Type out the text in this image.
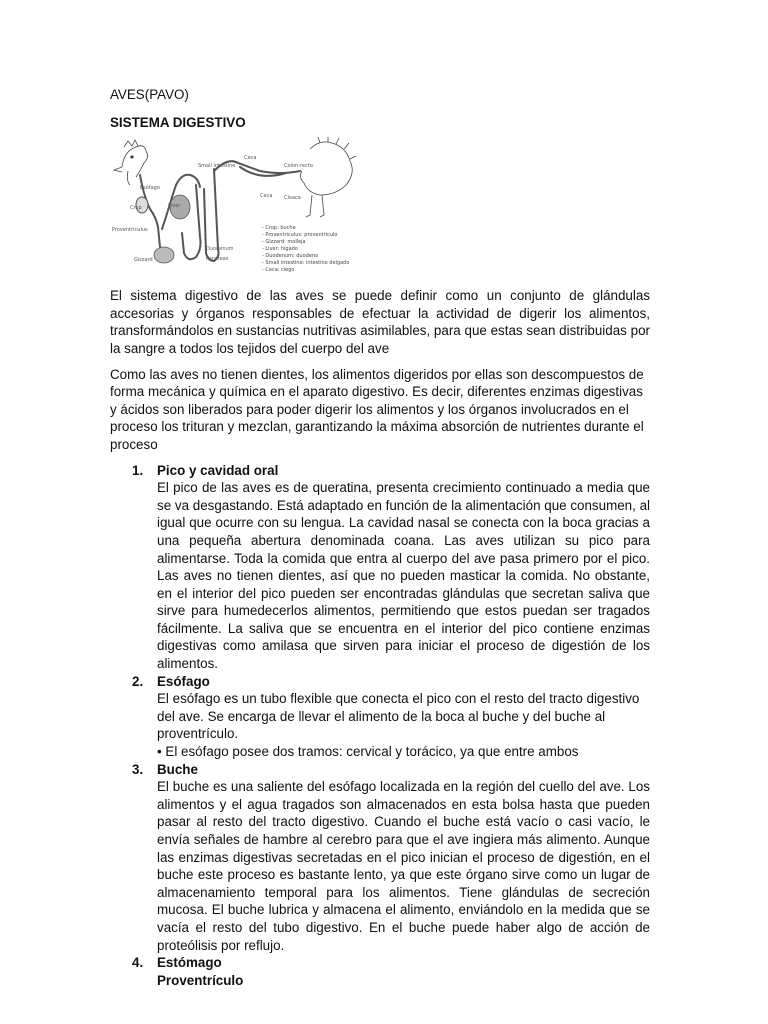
AVES(PAVO)
SISTEMA DIGESTIVO
Esófago
Crop	Liver
Proventriculus
Gizzard
Small intestine
Ceca
Colon-recto
Ceca Cloaca
Duodenum
Pancreas
- Crop: buche
- Proventriculus: proventrículo
- Gizzard: molleja
- Liver: hígado
- Duodenum: duodeno
- Small intestine: intestino delgado
- Ceca: ciego

El sistema digestivo de las aves se puede definir como un conjunto de glándulas accesorias y órganos responsables de efectuar la actividad de digerir los alimentos, transformándolos en sustancias nutritivas asimilables, para que estas sean distribuidas por la sangre a todos los tejidos del cuerpo del ave

Como las aves no tienen dientes, los alimentos digeridos por ellas son descompuestos de forma mecánica y química en el aparato digestivo. Es decir, diferentes enzimas digestivas y ácidos son liberados para poder digerir los alimentos y los órganos involucrados en el proceso los trituran y mezclan, garantizando la máxima absorción de nutrientes durante el proceso

1. Pico y cavidad oral

El pico de las aves es de queratina, presenta crecimiento continuado a media que se va desgastando. Está adaptado en función de la alimentación que consumen, al igual que ocurre con su lengua. La cavidad nasal se conecta con la boca gracias a una pequeña abertura denominada coana. Las aves utilizan su pico para alimentarse. Toda la comida que entra al cuerpo del ave pasa primero por el pico. Las aves no tienen dientes, así que no pueden masticar la comida. No obstante, en el interior del pico pueden ser encontradas glándulas que secretan saliva que sirve para humedecerlos alimentos, permitiendo que estos puedan ser tragados fácilmente. La saliva que se encuentra en el interior del pico contiene enzimas digestivas como amilasa que sirven para iniciar el proceso de digestión de los alimentos.

2. Esófago

El esófago es un tubo flexible que conecta el pico con el resto del tracto digestivo del ave. Se encarga de llevar el alimento de la boca al buche y del buche al proventrículo.

• El esófago posee dos tramos: cervical y torácico, ya que entre ambos

3. Buche

El buche es una saliente del esófago localizada en la región del cuello del ave. Los alimentos y el agua tragados son almacenados en esta bolsa hasta que pueden pasar al resto del tracto digestivo. Cuando el buche está vacío o casi vacío, le envía señales de hambre al cerebro para que el ave ingiera más alimento. Aunque las enzimas digestivas secretadas en el pico inician el proceso de digestión, en el buche este proceso es bastante lento, ya que este órgano sirve como un lugar de almacenamiento temporal para los alimentos. Tiene glándulas de secreción mucosa. El buche lubrica y almacena el alimento, enviándolo en la medida que se vacía el resto del tubo digestivo. En el buche puede haber algo de acción de proteólisis por reflujo.

4. Estómago
Proventrículo
